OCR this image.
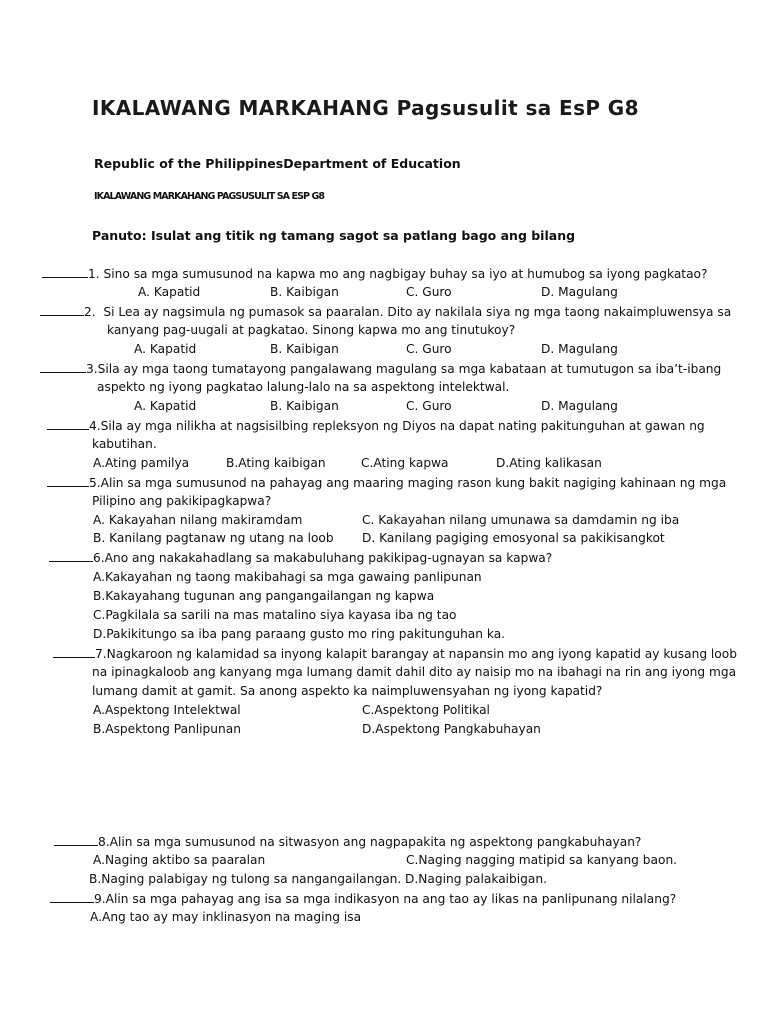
IKALAWANG MARKAHANG Pagsusulit sa EsP G8
Republic of the PhilippinesDepartment of Education
IKALAWANG MARKAHANG PAGSUSULIT SA ESP G8
Panuto: Isulat ang titik ng tamang sagot sa patlang bago ang bilang
1. Sino sa mga sumusunod na kapwa mo ang nagbigay buhay sa iyo at humubog sa iyong pagkatao?
A. Kapatid	B. Kaibigan	C. Guro	D. Magulang
2. Si Lea ay nagsimula ng pumasok sa paaralan. Dito ay nakilala siya ng mga taong nakaimpluwensya sa
kanyang pag-uugali at pagkatao. Sinong kapwa mo ang tinutukoy?
A. Kapatid	B. Kaibigan	C. Guro	D. Magulang
3.Sila ay mga taong tumatayong pangalawang magulang sa mga kabataan at tumutugon sa iba’t-ibang
aspekto ng iyong pagkatao lalung-lalo na sa aspektong intelektwal.
A. Kapatid	B. Kaibigan	C. Guro	D. Magulang
4.Sila ay mga nilikha at nagsisilbing repleksyon ng Diyos na dapat nating pakitunguhan at gawan ng
kabutihan.
A.Ating pamilya	B.Ating kaibigan	C.Ating kapwa	D.Ating kalikasan
5.Alin sa mga sumusunod na pahayag ang maaring maging rason kung bakit nagiging kahinaan ng mga
Pilipino ang pakikipagkapwa?
A. Kakayahan nilang makiramdam	C. Kakayahan nilang umunawa sa damdamin ng iba
B. Kanilang pagtanaw ng utang na loob D. Kanilang pagiging emosyonal sa pakikisangkot
6.Ano ang nakakahadlang sa makabuluhang pakikipag-ugnayan sa kapwa?
A.Kakayahan ng taong makibahagi sa mga gawaing panlipunan
B.Kakayahang tugunan ang pangangailangan ng kapwa
C.Pagkilala sa sarili na mas matalino siya kayasa iba ng tao
D.Pakikitungo sa iba pang paraang gusto mo ring pakitunguhan ka.
7.Nagkaroon ng kalamidad sa inyong kalapit barangay at napansin mo ang iyong kapatid ay kusang loob
na ipinagkaloob ang kanyang mga lumang damit dahil dito ay naisip mo na ibahagi na rin ang iyong mga
lumang damit at gamit. Sa anong aspekto ka naimpluwensyahan ng iyong kapatid?
A.Aspektong Intelektwal	C.Aspektong Politikal
B.Aspektong Panlipunan	D.Aspektong Pangkabuhayan
8.Alin sa mga sumusunod na sitwasyon ang nagpapakita ng aspektong pangkabuhayan?
A.Naging aktibo sa paaralan	C.Naging nagging matipid sa kanyang baon.
B.Naging palabigay ng tulong sa nangangailangan. D.Naging palakaibigan.
9.Alin sa mga pahayag ang isa sa mga indikasyon na ang tao ay likas na panlipunang nilalang?
A.Ang tao ay may inklinasyon na maging isa
